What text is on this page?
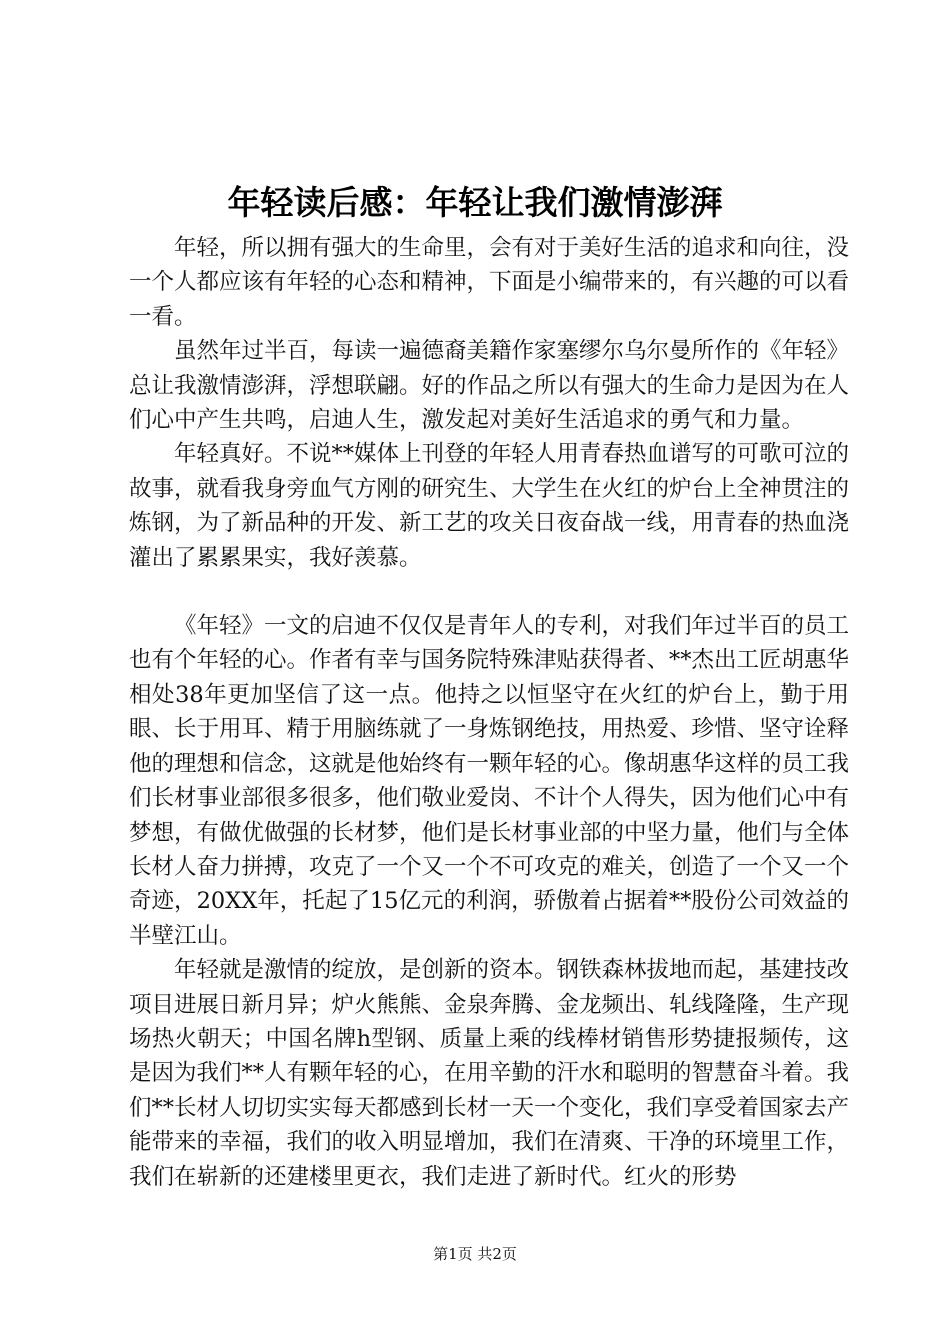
年轻读后感：年轻让我们激情澎湃

年轻，所以拥有强大的生命里，会有对于美好生活的追求和向往，没一个人都应该有年轻的心态和精神，下面是小编带来的，有兴趣的可以看一看。

虽然年过半百，每读一遍德裔美籍作家塞缪尔乌尔曼所作的《年轻》总让我激情澎湃，浮想联翩。好的作品之所以有强大的生命力是因为在人们心中产生共鸣，启迪人生，激发起对美好生活追求的勇气和力量。

年轻真好。不说**媒体上刊登的年轻人用青春热血谱写的可歌可泣的故事，就看我身旁血气方刚的研究生、大学生在火红的炉台上全神贯注的炼钢，为了新品种的开发、新工艺的攻关日夜奋战一线，用青春的热血浇灌出了累累果实，我好羡慕。

《年轻》一文的启迪不仅仅是青年人的专利，对我们年过半百的员工也有个年轻的心。作者有幸与国务院特殊津贴获得者、**杰出工匠胡惠华相处38年更加坚信了这一点。他持之以恒坚守在火红的炉台上，勤于用眼、长于用耳、精于用脑练就了一身炼钢绝技，用热爱、珍惜、坚守诠释他的理想和信念，这就是他始终有一颗年轻的心。像胡惠华这样的员工我们长材事业部很多很多，他们敬业爱岗、不计个人得失，因为他们心中有梦想，有做优做强的长材梦，他们是长材事业部的中坚力量，他们与全体长材人奋力拼搏，攻克了一个又一个不可攻克的难关，创造了一个又一个奇迹，20XX年，托起了15亿元的利润，骄傲着占据着**股份公司效益的半壁江山。

年轻就是激情的绽放，是创新的资本。钢铁森林拔地而起，基建技改项目进展日新月异；炉火熊熊、金泉奔腾、金龙频出、轧线隆隆，生产现场热火朝天；中国名牌h型钢、质量上乘的线棒材销售形势捷报频传，这是因为我们**人有颗年轻的心，在用辛勤的汗水和聪明的智慧奋斗着。我们**长材人切切实实每天都感到长材一天一个变化，我们享受着国家去产能带来的幸福，我们的收入明显增加，我们在清爽、干净的环境里工作，我们在崭新的还建楼里更衣，我们走进了新时代。红火的形势

第1页 共2页
